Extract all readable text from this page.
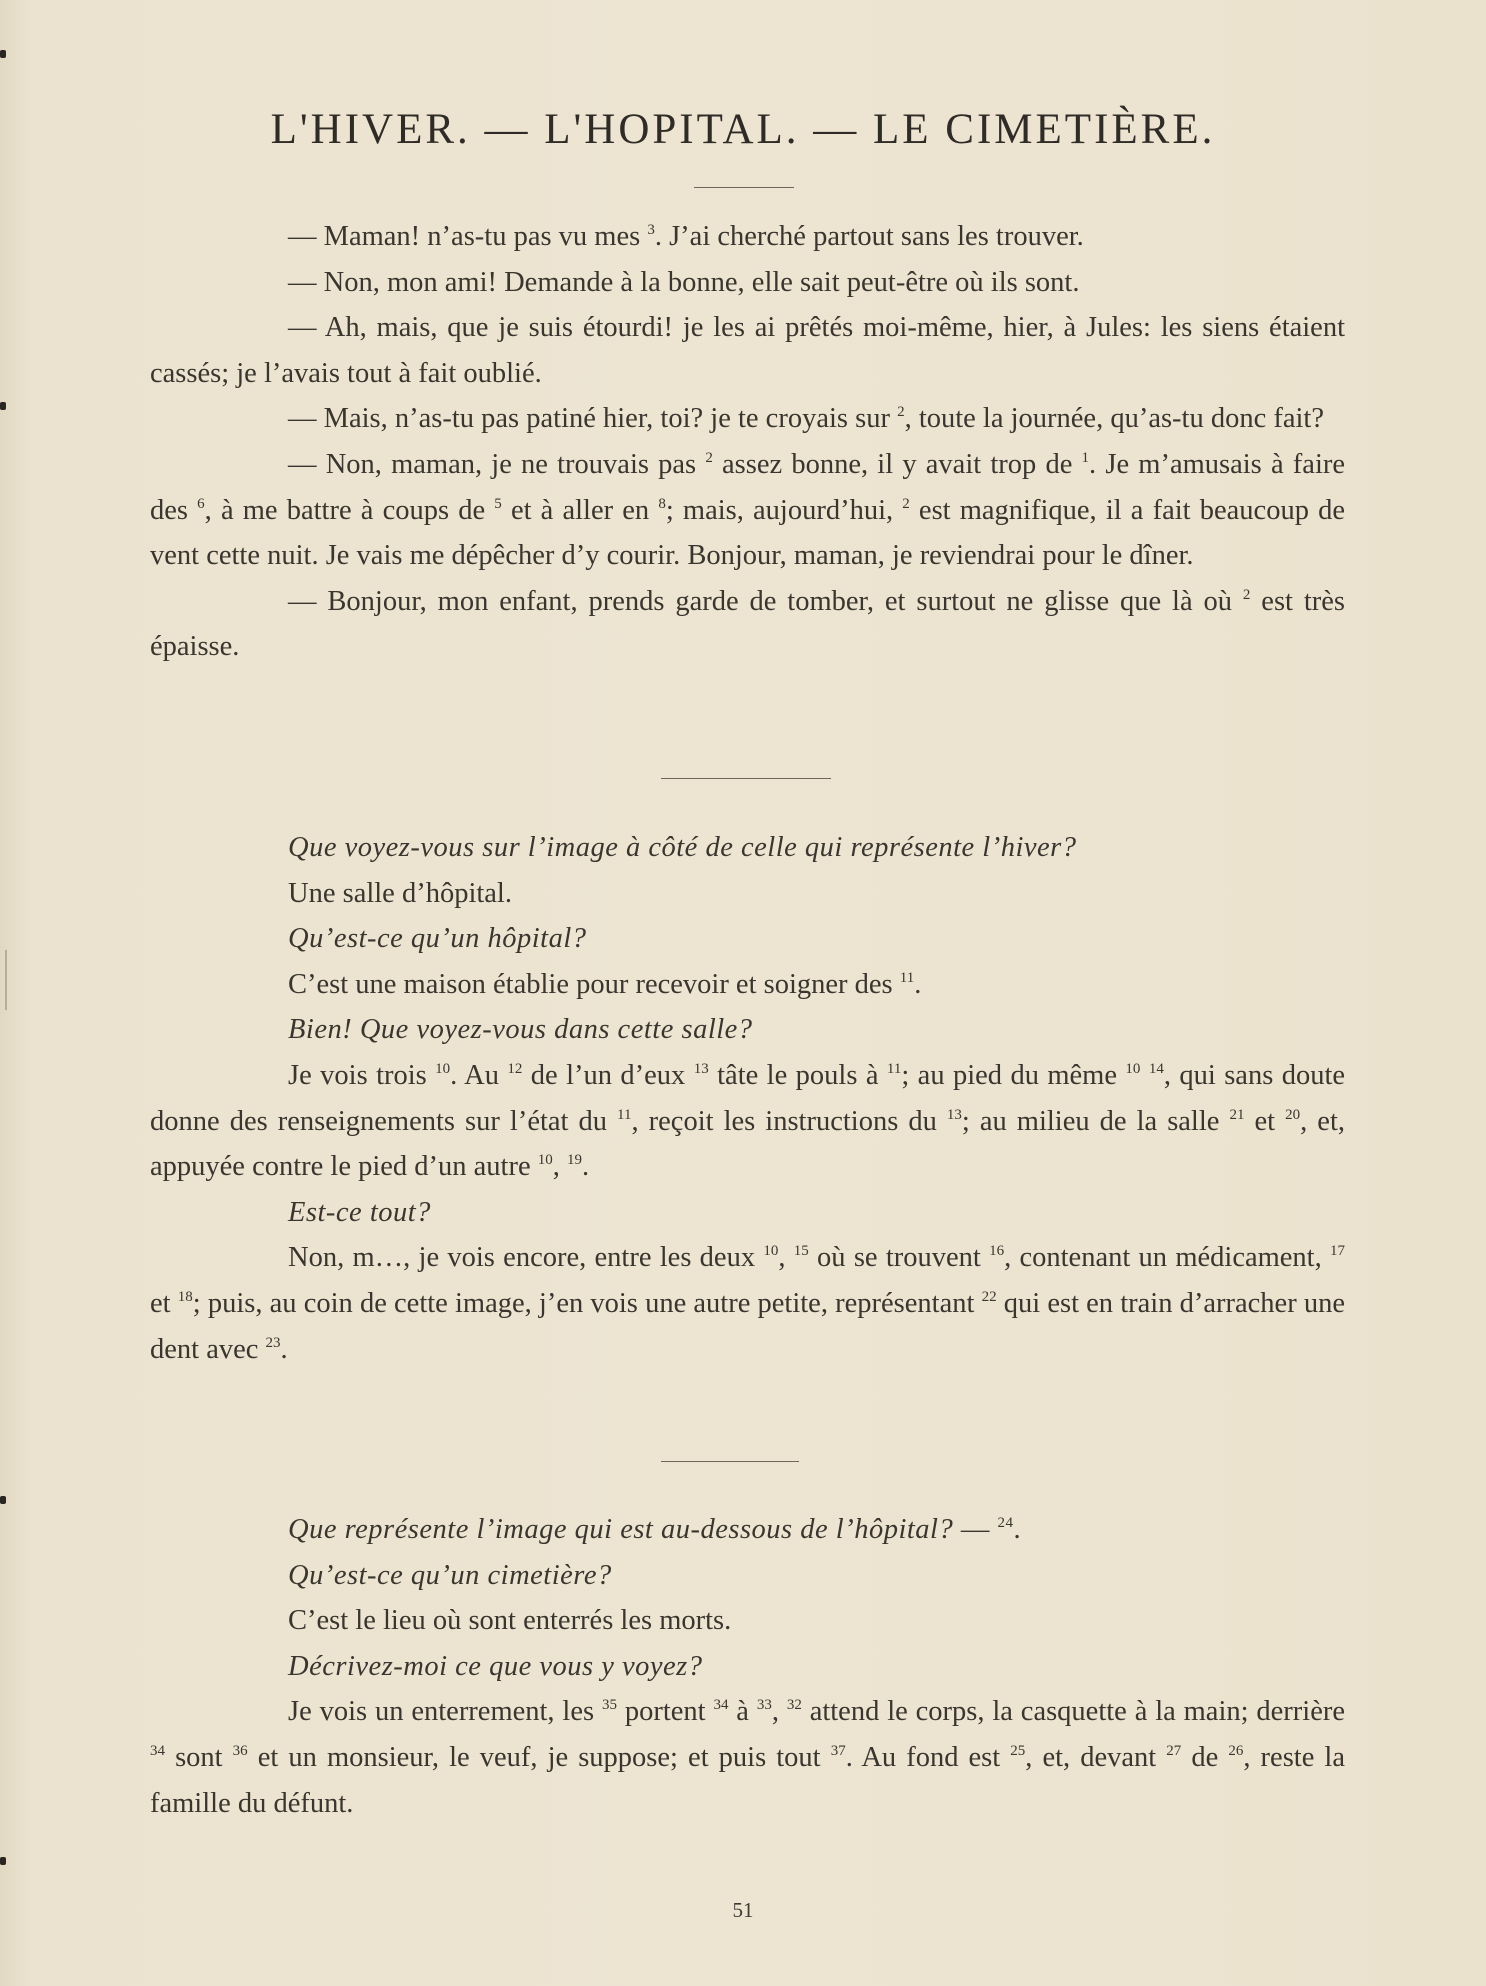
L'HIVER. — L'HOPITAL. — LE CIMETIÈRE.

— Maman! n’as-tu pas vu mes $^3$. J’ai cherché partout sans les trouver.

— Non, mon ami! Demande à la bonne, elle sait peut-être où ils sont.

— Ah, mais, que je suis étourdi! je les ai prêtés moi-même, hier, à Jules: les siens étaient cassés; je l’avais tout à fait oublié.

— Mais, n’as-tu pas patiné hier, toi? je te croyais sur $^2$, toute la journée, qu’as-tu donc fait?

— Non, maman, je ne trouvais pas $^2$ assez bonne, il y avait trop de $^1$. Je m’amusais à faire des $^6$, à me battre à coups de $^5$ et à aller en $^8$; mais, aujourd’hui, $^2$ est magnifique, il a fait beaucoup de vent cette nuit. Je vais me dépêcher d’y courir. Bonjour, maman, je reviendrai pour le dîner.

— Bonjour, mon enfant, prends garde de tomber, et surtout ne glisse que là où $^2$ est très épaisse.

Que voyez-vous sur l’image à côté de celle qui représente l’hiver?

Une salle d’hôpital.

Qu’est-ce qu’un hôpital?

C’est une maison établie pour recevoir et soigner des $^{11}$.

Bien! Que voyez-vous dans cette salle?

Je vois trois $^{10}$. Au $^{12}$ de l’un d’eux $^{13}$ tâte le pouls à $^{11}$; au pied du même $^{10}$ $^{14}$, qui sans doute donne des renseignements sur l’état du $^{11}$, reçoit les instructions du $^{13}$; au milieu de la salle $^{21}$ et $^{20}$, et, appuyée contre le pied d’un autre $^{10}$, $^{19}$.

Est-ce tout?

Non, m…, je vois encore, entre les deux $^{10}$, $^{15}$ où se trouvent $^{16}$, contenant un médicament, $^{17}$ et $^{18}$; puis, au coin de cette image, j’en vois une autre petite, représentant $^{22}$ qui est en train d’arracher une dent avec $^{23}$.

Que représente l’image qui est au-dessous de l’hôpital? — $^{24}$.

Qu’est-ce qu’un cimetière?

C’est le lieu où sont enterrés les morts.

Décrivez-moi ce que vous y voyez?

Je vois un enterrement, les $^{35}$ portent $^{34}$ à $^{33}$, $^{32}$ attend le corps, la casquette à la main; derrière $^{34}$ sont $^{36}$ et un monsieur, le veuf, je suppose; et puis tout $^{37}$. Au fond est $^{25}$, et, devant $^{27}$ de $^{26}$, reste la famille du défunt.

51
